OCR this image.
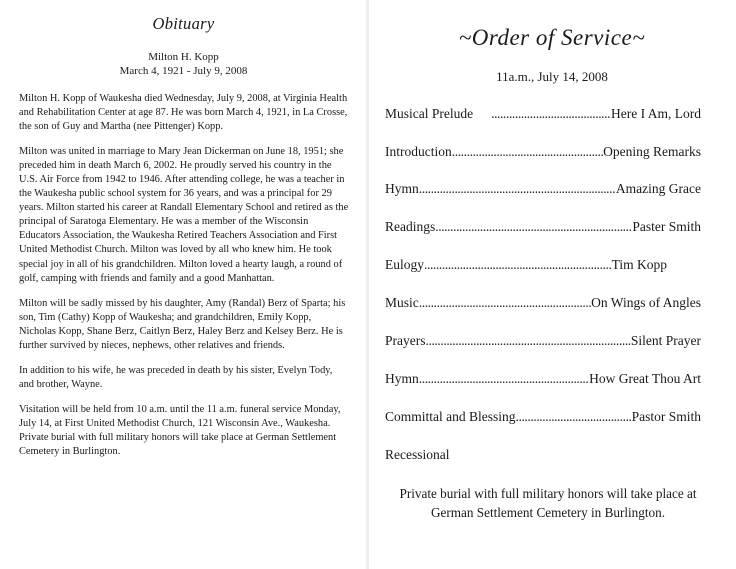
Obituary
Milton H. Kopp
March 4, 1921 - July 9, 2008

Milton H. Kopp of Waukesha died Wednesday, July 9, 2008, at Virginia Health and Rehabilitation Center at age 87. He was born March 4, 1921, in La Crosse, the son of Guy and Martha (nee Pittenger) Kopp.

Milton was united in marriage to Mary Jean Dickerman on June 18, 1951; she preceded him in death March 6, 2002. He proudly served his country in the U.S. Air Force from 1942 to 1946. After attending college, he was a teacher in the Waukesha public school system for 36 years, and was a principal for 29 years. Milton started his career at Randall Elementary School and retired as the principal of Saratoga Elementary. He was a member of the Wisconsin Educators Association, the Waukesha Retired Teachers Association and First United Methodist Church. Milton was loved by all who knew him. He took special joy in all of his grandchildren. Milton loved a hearty laugh, a round of golf, camping with friends and family and a good Manhattan.

Milton will be sadly missed by his daughter, Amy (Randal) Berz of Sparta; his son, Tim (Cathy) Kopp of Waukesha; and grandchildren, Emily Kopp, Nicholas Kopp, Shane Berz, Caitlyn Berz, Haley Berz and Kelsey Berz. He is further survived by nieces, nephews, other relatives and friends.

In addition to his wife, he was preceded in death by his sister, Evelyn Tody, and brother, Wayne.

Visitation will be held from 10 a.m. until the 11 a.m. funeral service Monday, July 14, at First United Methodist Church, 121 Wisconsin Ave., Waukesha. Private burial with full military honors will take place at German Settlement Cemetery in Burlington.

~Order of Service~
11a.m., July 14, 2008
Musical Prelude .....	Here I Am, Lord
Introduction .....	Opening Remarks
Hymn .....	Amazing Grace
Readings .....	Paster Smith
Eulogy .....	Tim Kopp
Music .....	On Wings of Angles
Prayers .....	Silent Prayer
Hymn .....	How Great Thou Art
Committal and Blessing .....	Pastor Smith
Recessional
Private burial with full military honors will take place at German Settlement Cemetery in Burlington.
